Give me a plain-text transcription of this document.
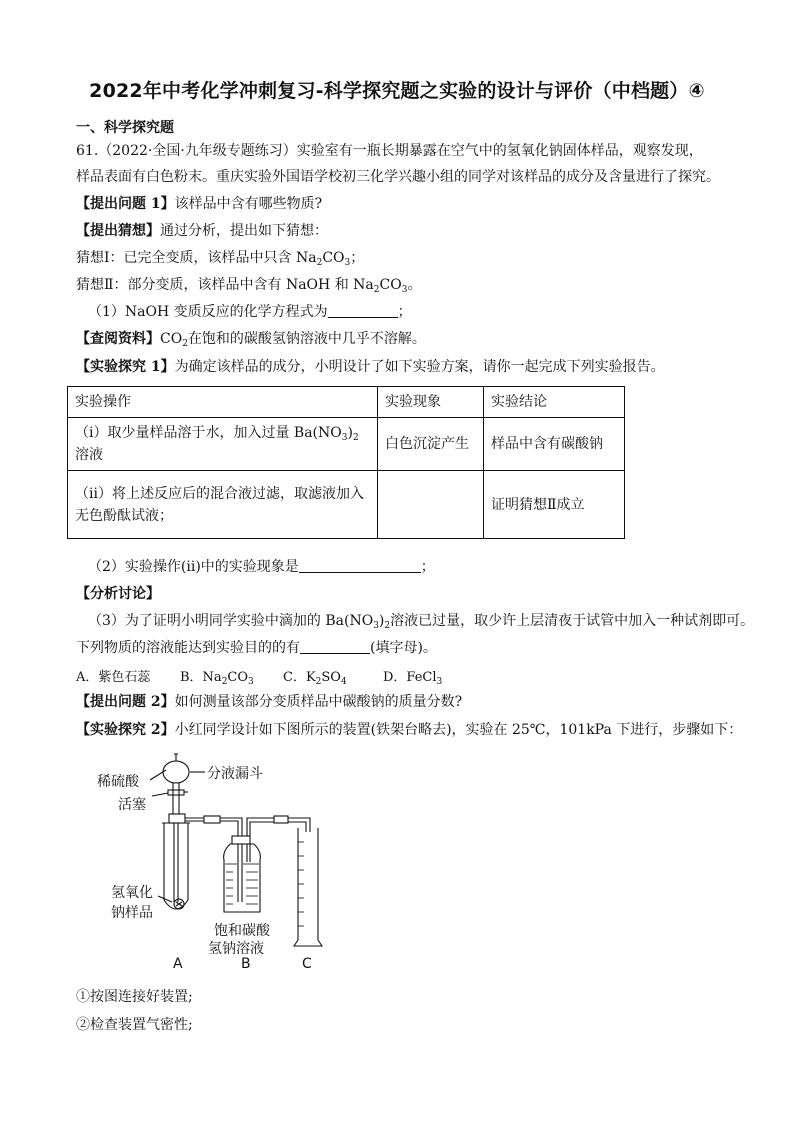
2022年中考化学冲刺复习-科学探究题之实验的设计与评价（中档题）④
一、科学探究题
61.（2022·全国·九年级专题练习）实验室有一瓶长期暴露在空气中的氢氧化钠固体样品，观察发现，
样品表面有白色粉末。重庆实验外国语学校初三化学兴趣小组的同学对该样品的成分及含量进行了探究。
【提出问题 1】该样品中含有哪些物质?
【提出猜想】通过分析，提出如下猜想：
猜想Ⅰ：已完全变质，该样品中只含 $Na_2CO_3$；
猜想Ⅱ：部分变质，该样品中含有 NaOH 和 $Na_2CO_3$。
（1）NaOH 变质反应的化学方程式为	；
【查阅资料】$CO_2$在饱和的碳酸氢钠溶液中几乎不溶解。
【实验探究 1】为确定该样品的成分，小明设计了如下实验方案，请你一起完成下列实验报告。
实验操作	实验现象	实验结论
（ⅰ）取少量样品溶于水，加入过量 $Ba(NO_3)_2$溶液	白色沉淀产生	样品中含有碳酸钠
（ⅱ）将上述反应后的混合液过滤，取滤液加入无色酚酞试液；		证明猜想Ⅱ成立
（2）实验操作(ⅱ)中的实验现象是	；
【分析讨论】
（3）为了证明小明同学实验中滴加的 $Ba(NO_3)_2$溶液已过量，取少许上层清夜于试管中加入一种试剂即可。
下列物质的溶液能达到实验目的的有	(填字母)。
A．紫色石蕊 B．$Na_2CO_3$ C．$K_2SO_4$	D．FeCl$_3$
【提出问题 2】如何测量该部分变质样品中碳酸钠的质量分数?
【实验探究 2】小红同学设计如下图所示的装置(铁架台略去)，实验在 25℃，101kPa 下进行，步骤如下：
稀硫酸	分液漏斗
活塞
氢氧化
钠样品
饱和碳酸
氢钠溶液
A	B	C
①按图连接好装置;
②检查装置气密性;
